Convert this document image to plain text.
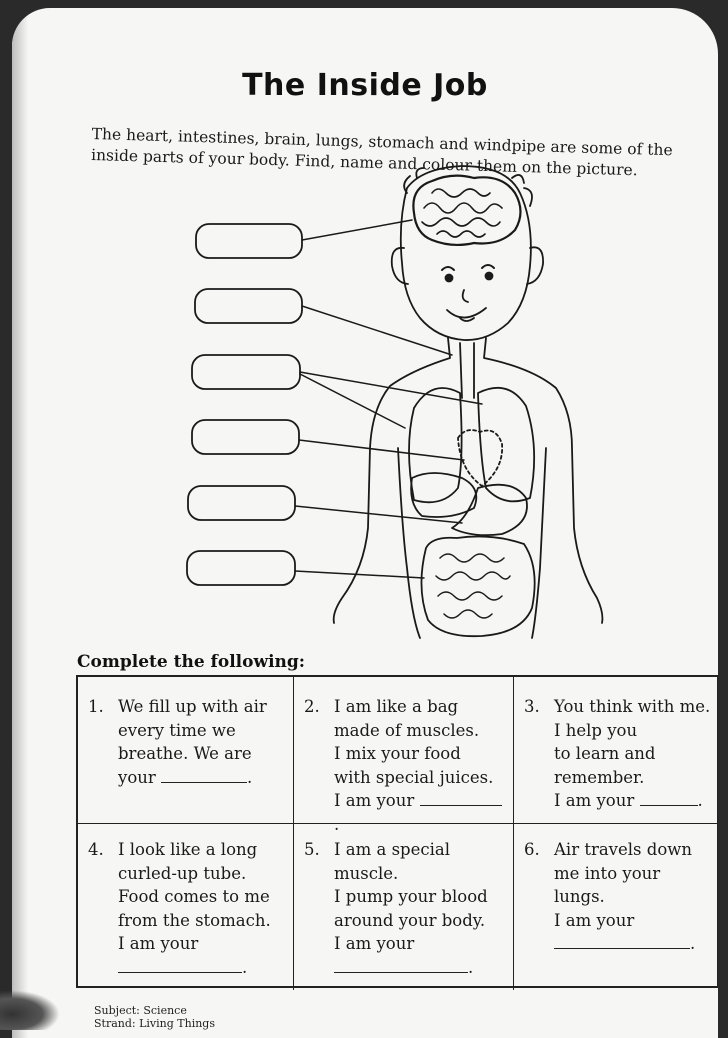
The Inside Job
The heart, intestines, brain, lungs, stomach and windpipe are some of the inside parts of your body. Find, name and colour them on the picture.
Complete the following:
1. We fill up with air
every time we
breathe. We are
your	.
2. I am like a bag
made of muscles.
I mix your food
with special juices.
I am your .
3. You think with me.
I help you
to learn and
remember.
I am your	.
4. I look like a long
curled-up tube.
Food comes to me
from the stomach.
I am your
.
5. I am a special muscle.
I pump your blood
around your body.
I am your
.
6. Air travels down
me into your lungs.
I am your
.
Subject: Science
Strand: Living Things
